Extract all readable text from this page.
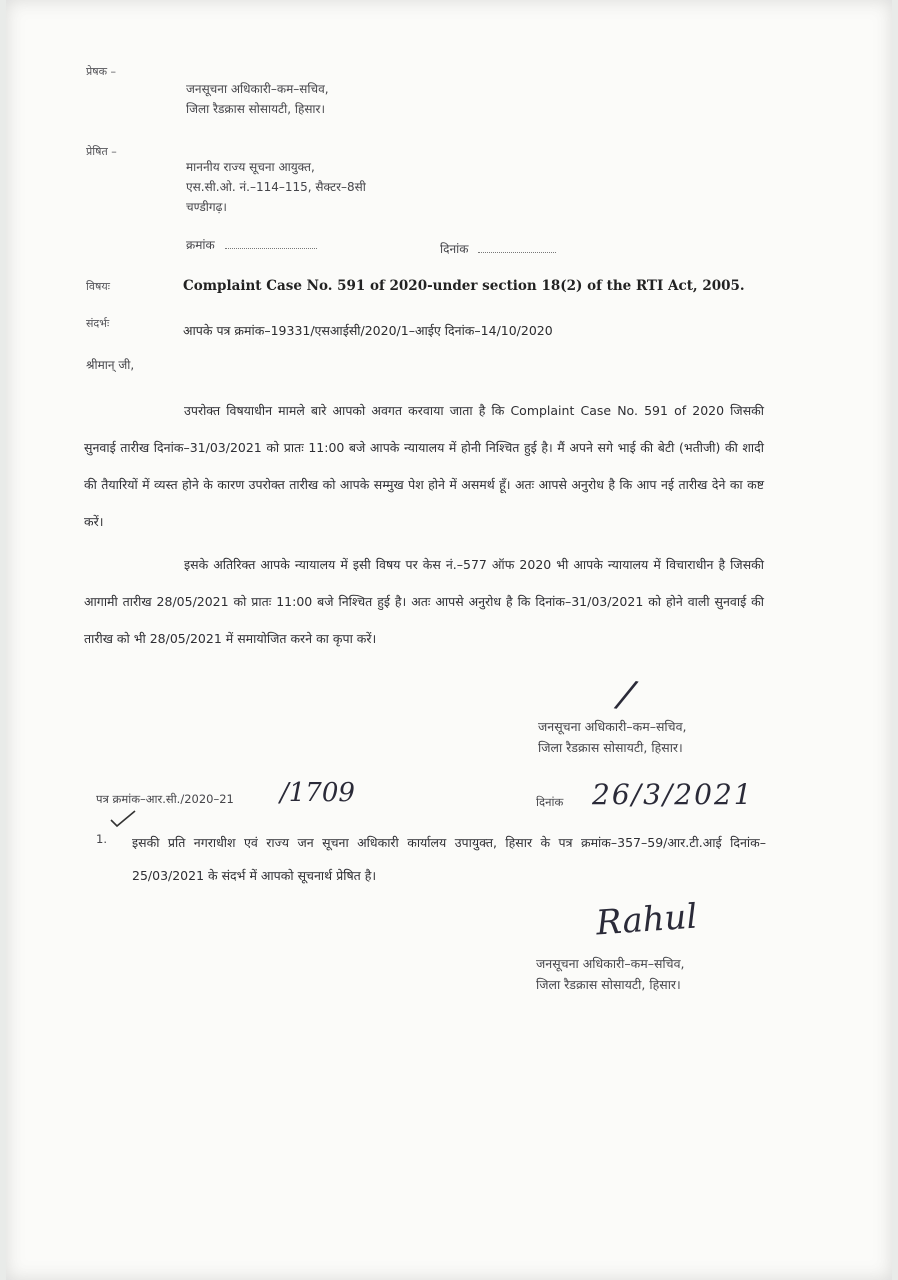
प्रेषक –
जनसूचना अधिकारी–कम–सचिव,
जिला रैडक्रास सोसायटी, हिसार।
प्रेषित –
माननीय राज्य सूचना आयुक्त,
एस.सी.ओ. नं.–114–115, सैक्टर–8सी
चण्डीगढ़।
क्रमांक	दिनांक
विषयः	Complaint Case No. 591 of 2020-under section 18(2) of the RTI Act, 2005.
संदर्भः	आपके पत्र क्रमांक–19331/एसआईसी/2020/1–आईए दिनांक–14/10/2020
श्रीमान् जी,

उपरोक्त विषयाधीन मामले बारे आपको अवगत करवाया जाता है कि Complaint Case No. 591 of 2020 जिसकी सुनवाई तारीख दिनांक–31/03/2021 को प्रातः 11:00 बजे आपके न्यायालय में होनी निश्चित हुई है। मैं अपने सगे भाई की बेटी (भतीजी) की शादी की तैयारियों में व्यस्त होने के कारण उपरोक्त तारीख को आपके सम्मुख पेश होने में असमर्थ हूँ। अतः आपसे अनुरोध है कि आप नई तारीख देने का कष्ट करें।

इसके अतिरिक्त आपके न्यायालय में इसी विषय पर केस नं.–577 ऑफ 2020 भी आपके न्यायालय में विचाराधीन है जिसकी आगामी तारीख 28/05/2021 को प्रातः 11:00 बजे निश्चित हुई है। अतः आपसे अनुरोध है कि दिनांक–31/03/2021 को होने वाली सुनवाई की तारीख को भी 28/05/2021 में समायोजित करने का कृपा करें।

/
जनसूचना अधिकारी–कम–सचिव,
जिला रैडक्रास सोसायटी, हिसार।
पत्र क्रमांक–आर.सी./2020–21 /1709	दिनांक 26/3/2021
1. इसकी प्रति नगराधीश एवं राज्य जन सूचना अधिकारी कार्यालय उपायुक्त, हिसार के पत्र क्रमांक–357–59/आर.टी.आई दिनांक–25/03/2021 के संदर्भ में आपको सूचनार्थ प्रेषित है।

Rahul
जनसूचना अधिकारी–कम–सचिव,
जिला रैडक्रास सोसायटी, हिसार।
